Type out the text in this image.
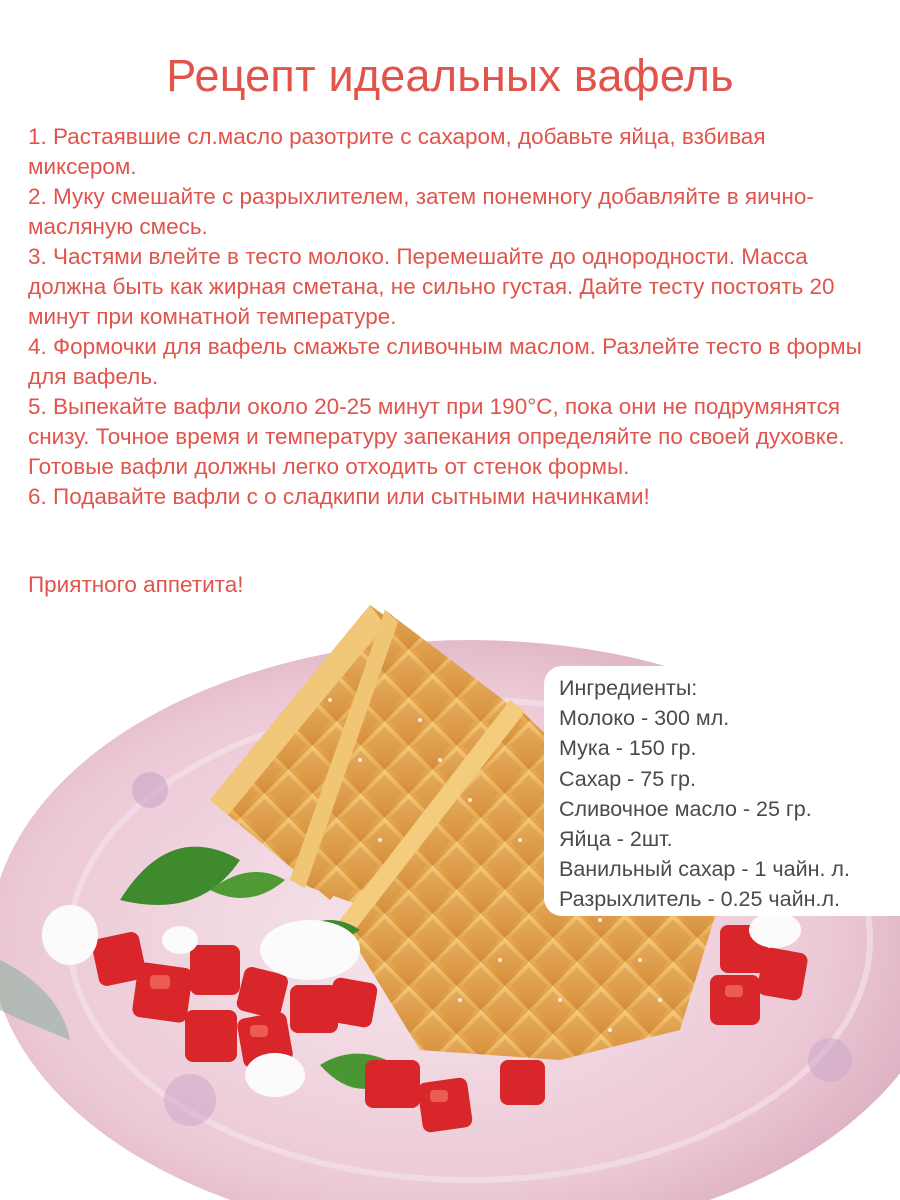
Рецепт идеальных вафель

1. Растаявшие сл.масло разотрите с сахаром, добавьте яйца, взбивая миксером.

2. Муку смешайте с разрыхлителем, затем понемногу добавляйте в яично-масляную смесь.

3. Частями влейте в тесто молоко. Перемешайте до однородности. Масса должна быть как жирная сметана, не сильно густая. Дайте тесту постоять 20 минут при комнатной температуре.

4. Формочки для вафель смажьте сливочным маслом. Разлейте тесто в формы для вафель.

5. Выпекайте вафли около 20-25 минут при 190°C, пока они не подрумянятся снизу. Точное время и температуру запекания определяйте по своей духовке. Готовые вафли должны легко отходить от стенок формы.

6. Подавайте вафли с о сладкипи или сытными начинками!

Приятного аппетита!
Ингредиенты:
Молоко - 300 мл.
Мука - 150 гр.
Сахар - 75 гр.
Сливочное масло - 25 гр.
Яйца - 2шт.
Ванильный сахар - 1 чайн. л.
Разрыхлитель - 0.25 чайн.л.
